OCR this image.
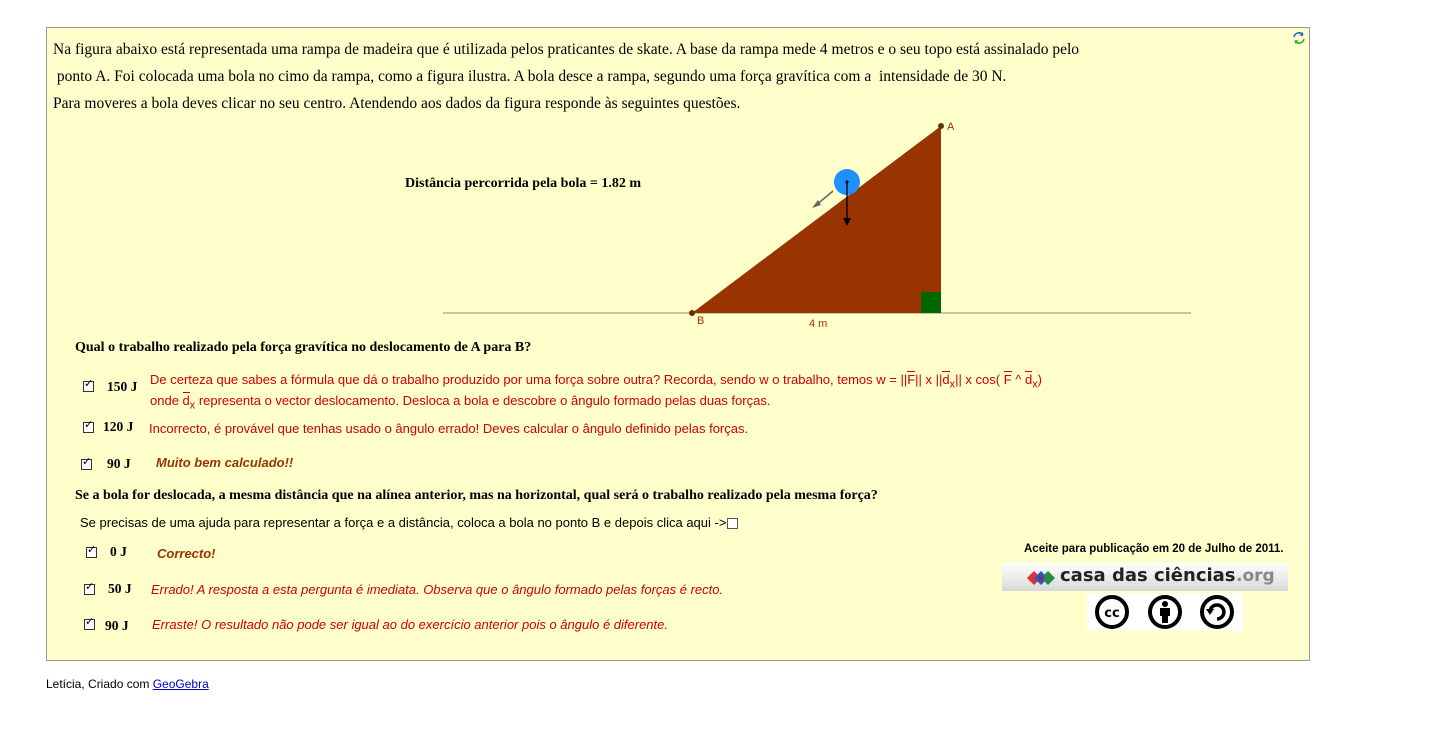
Na figura abaixo está representada uma rampa de madeira que é utilizada pelos praticantes de skate. A base da rampa mede 4 metros e o seu topo está assinalado pelo
ponto A. Foi colocada uma bola no cimo da rampa, como a figura ilustra. A bola desce a rampa, segundo uma força gravítica com a  intensidade de 30 N.
Para moveres a bola deves clicar no seu centro. Atendendo aos dados da figura responde às seguintes questões.
A
B	4 m
Distância percorrida pela bola = 1.82 m
Qual o trabalho realizado pela força gravítica no deslocamento de A para B?
✓
150 J De certeza que sabes a fórmula que dá o trabalho produzido por uma força sobre outra? Recorda, sendo w o trabalho, temos w = ||F|| x $||d_x||$ x cos( F ^ $d_x$)
onde $d_x$ representa o vector deslocamento. Desloca a bola e descobre o ângulo formado pelas duas forças.
✓
120 J Incorrecto, é provável que tenhas usado o ângulo errado! Deves calcular o ângulo definido pelas forças.
✓
90 J Muito bem calculado!!
Se a bola for deslocada, a mesma distância que na alínea anterior, mas na horizontal, qual será o trabalho realizado pela mesma força?
Se precisas de uma ajuda para representar a força e a distância, coloca a bola no ponto B e depois clica aqui ->
✓
0 J Correcto!
✓
50 J Errado! A resposta a esta pergunta é imediata. Observa que o ângulo formado pelas forças é recto.
✓
90 J Erraste! O resultado não pode ser igual ao do exercício anterior pois o ângulo é diferente.
Aceite para publicação em 20 de Julho de 2011.
casa das ciências .org
cc
Letícia, Criado com GeoGebra
